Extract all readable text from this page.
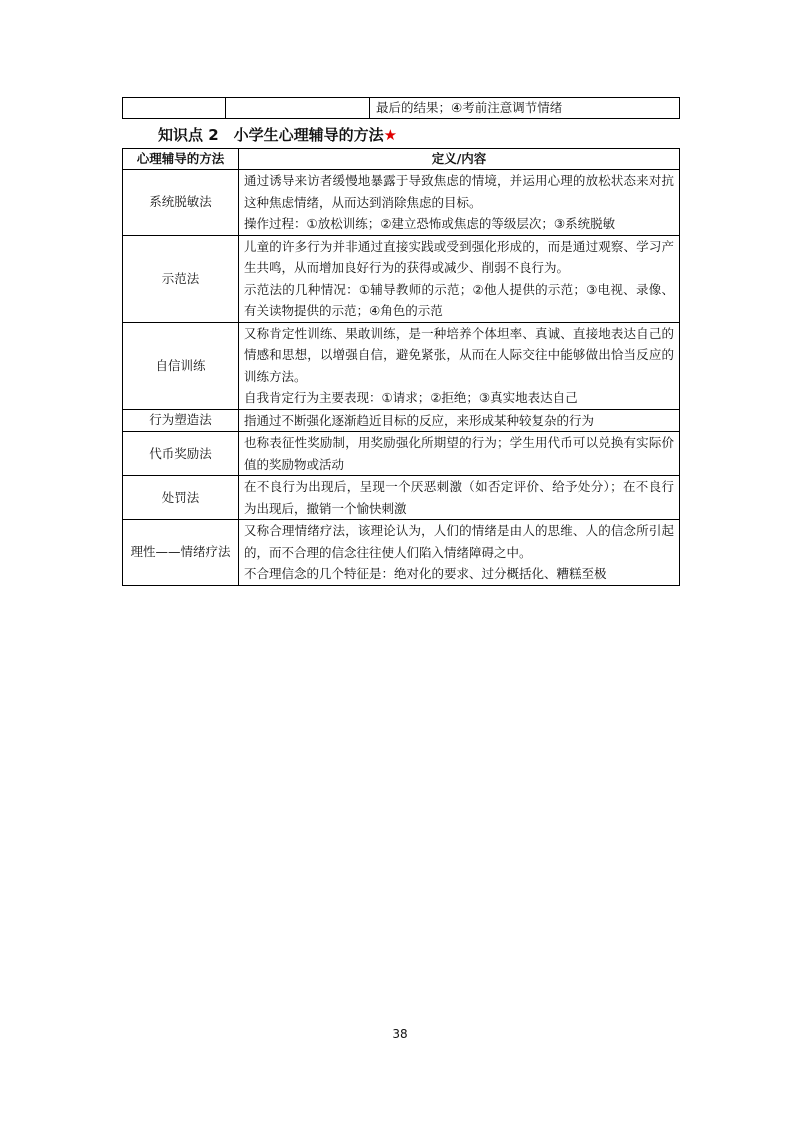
		最后的结果；④考前注意调节情绪
知识点 2　小学生心理辅导的方法★
心理辅导的方法	定义/内容
系统脱敏法	通过诱导来访者缓慢地暴露于导致焦虑的情境，并运用心理的放松状态来对抗这种焦虑情绪，从而达到消除焦虑的目标。
操作过程：①放松训练；②建立恐怖或焦虑的等级层次；③系统脱敏

示范法	儿童的许多行为并非通过直接实践或受到强化形成的，而是通过观察、学习产生共鸣，从而增加良好行为的获得或减少、削弱不良行为。
示范法的几种情况：①辅导教师的示范；②他人提供的示范；③电视、录像、有关读物提供的示范；④角色的示范

自信训练	又称肯定性训练、果敢训练，是一种培养个体坦率、真诚、直接地表达自己的情感和思想，以增强自信，避免紧张，从而在人际交往中能够做出恰当反应的训练方法。
自我肯定行为主要表现：①请求；②拒绝；③真实地表达自己

行为塑造法	指通过不断强化逐渐趋近目标的反应，来形成某种较复杂的行为

代币奖励法	也称表征性奖励制，用奖励强化所期望的行为；学生用代币可以兑换有实际价值的奖励物或活动

处罚法	在不良行为出现后，呈现一个厌恶刺激（如否定评价、给予处分）；在不良行为出现后，撤销一个愉快刺激

理性——情绪疗法	又称合理情绪疗法，该理论认为，人们的情绪是由人的思维、人的信念所引起的，而不合理的信念往往使人们陷入情绪障碍之中。
不合理信念的几个特征是：绝对化的要求、过分概括化、糟糕至极
38
